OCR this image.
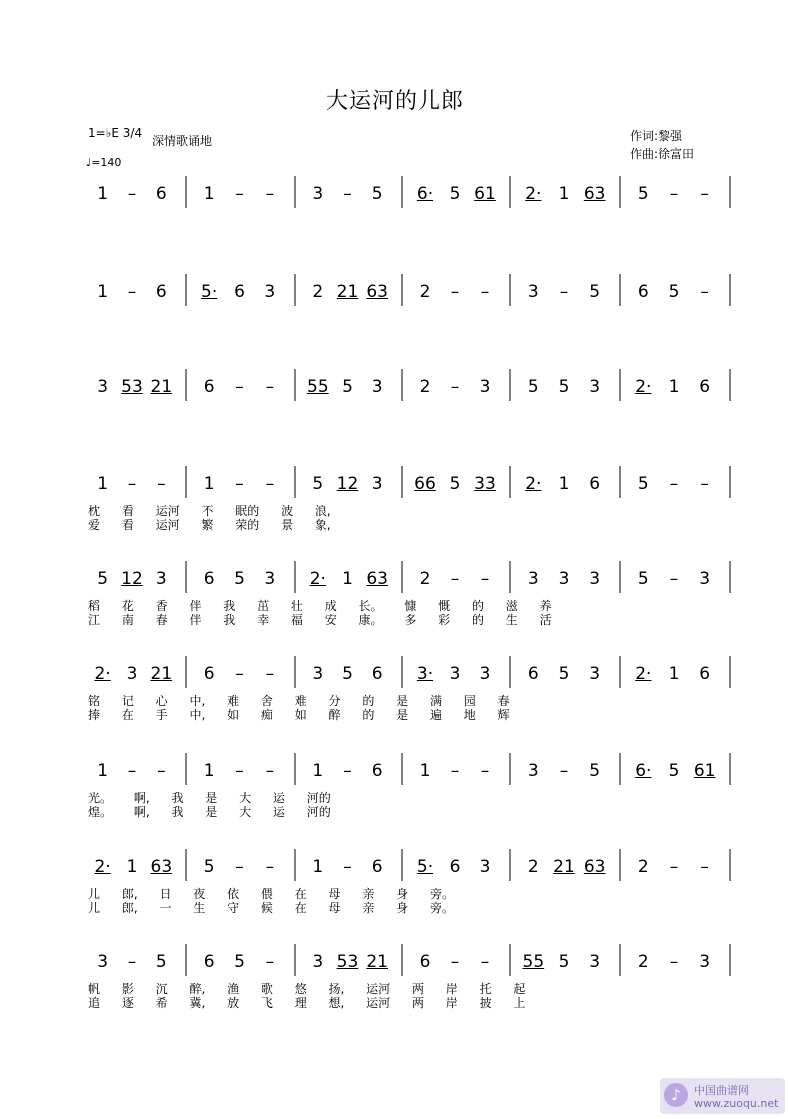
大运河的儿郎
1=♭E 3/4
深情歌诵地
♩=140
作词:黎强
作曲:徐富田
1	–	6	1	–	–	3	–	5	6· 5 61	2·	1 63	5	–	–
1	–	6	5· 6	3	2 21 63	2	–	–	3	–	5	6	5	–
3 53 21	6	–	–	55 5	3	2	–	3	5	5	3	2·	1	6
1	–	–	1	–	–	5 12 3	66 5 33	2·	1	6	5	–	–
枕 看 运河 不 眠的 波 浪,
爱 看 运河 繁 荣的 景 象,
5 12 3	6	5	3	2· 1 63	2	–	–	3	3	3	5	–	3
稻 花 香 伴 我 茁 壮 成 长。 慷 慨 的 滋 养
江 南 春 伴 我 幸 福 安 康。 多 彩 的 生 活
2· 3 21	6	–	–	3	5	6	3· 3	3	6	5	3	2·	1	6
铭 记 心 中, 难 舍 难 分 的 是 满 园 春
捧 在 手 中, 如 痴 如 醉 的 是 遍 地 辉
1	–	–	1	–	–	1	–	6	1	–	–	3	–	5	6·	5 61
光。 啊, 我 是 大 运 河的
煌。 啊, 我 是 大 运 河的
2· 1 63	5	–	–	1	–	6	5· 6	3	2 21 63	2	–	–
儿 郎, 日 夜 依 偎 在 母 亲 身 旁。
儿 郎, 一 生 守 候 在 母 亲 身 旁。
3	–	5	6	5	–	3 53 21	6	–	–	55 5	3	2	–	3
帆 影 沉 醉, 渔 歌 悠 扬, 运河 两 岸 托 起
追 逐 希 冀, 放 飞 理 想, 运河 两 岸 披 上
♪	中国曲谱网
www.zuoqu.net
